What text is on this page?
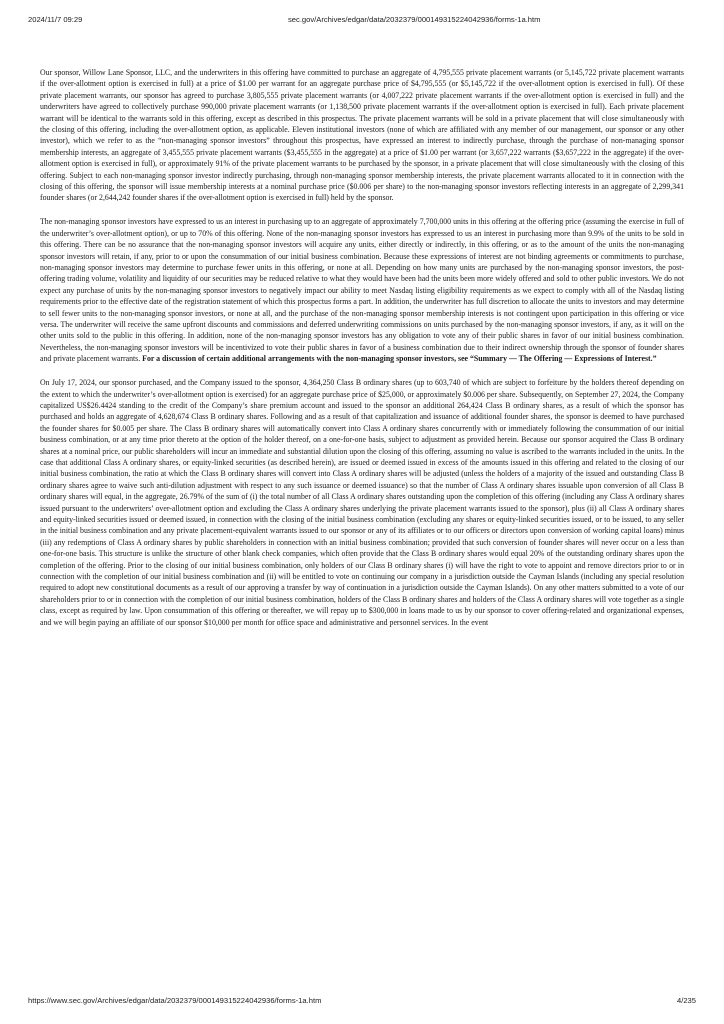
2024/11/7 09:29	sec.gov/Archives/edgar/data/2032379/000149315224042936/forms-1a.htm

Our sponsor, Willow Lane Sponsor, LLC, and the underwriters in this offering have committed to purchase an aggregate of 4,795,555 private placement warrants (or 5,145,722 private placement warrants if the over-allotment option is exercised in full) at a price of $1.00 per warrant for an aggregate purchase price of $4,795,555 (or $5,145,722 if the over-allotment option is exercised in full). Of these private placement warrants, our sponsor has agreed to purchase 3,805,555 private placement warrants (or 4,007,222 private placement warrants if the over-allotment option is exercised in full) and the underwriters have agreed to collectively purchase 990,000 private placement warrants (or 1,138,500 private placement warrants if the over-allotment option is exercised in full). Each private placement warrant will be identical to the warrants sold in this offering, except as described in this prospectus. The private placement warrants will be sold in a private placement that will close simultaneously with the closing of this offering, including the over-allotment option, as applicable. Eleven institutional investors (none of which are affiliated with any member of our management, our sponsor or any other investor), which we refer to as the “non-managing sponsor investors” throughout this prospectus, have expressed an interest to indirectly purchase, through the purchase of non-managing sponsor membership interests, an aggregate of 3,455,555 private placement warrants ($3,455,555 in the aggregate) at a price of $1.00 per warrant (or 3,657,222 warrants ($3,657,222 in the aggregate) if the over-allotment option is exercised in full), or approximately 91% of the private placement warrants to be purchased by the sponsor, in a private placement that will close simultaneously with the closing of this offering. Subject to each non-managing sponsor investor indirectly purchasing, through non-managing sponsor membership interests, the private placement warrants allocated to it in connection with the closing of this offering, the sponsor will issue membership interests at a nominal purchase price ($0.006 per share) to the non-managing sponsor investors reflecting interests in an aggregate of 2,299,341 founder shares (or 2,644,242 founder shares if the over-allotment option is exercised in full) held by the sponsor.

The non-managing sponsor investors have expressed to us an interest in purchasing up to an aggregate of approximately 7,700,000 units in this offering at the offering price (assuming the exercise in full of the underwriter’s over-allotment option), or up to 70% of this offering. None of the non-managing sponsor investors has expressed to us an interest in purchasing more than 9.9% of the units to be sold in this offering. There can be no assurance that the non-managing sponsor investors will acquire any units, either directly or indirectly, in this offering, or as to the amount of the units the non-managing sponsor investors will retain, if any, prior to or upon the consummation of our initial business combination. Because these expressions of interest are not binding agreements or commitments to purchase, non-managing sponsor investors may determine to purchase fewer units in this offering, or none at all. Depending on how many units are purchased by the non-managing sponsor investors, the post-offering trading volume, volatility and liquidity of our securities may be reduced relative to what they would have been had the units been more widely offered and sold to other public investors. We do not expect any purchase of units by the non-managing sponsor investors to negatively impact our ability to meet Nasdaq listing eligibility requirements as we expect to comply with all of the Nasdaq listing requirements prior to the effective date of the registration statement of which this prospectus forms a part. In addition, the underwriter has full discretion to allocate the units to investors and may determine to sell fewer units to the non-managing sponsor investors, or none at all, and the purchase of the non-managing sponsor membership interests is not contingent upon participation in this offering or vice versa. The underwriter will receive the same upfront discounts and commissions and deferred underwriting commissions on units purchased by the non-managing sponsor investors, if any, as it will on the other units sold to the public in this offering. In addition, none of the non-managing sponsor investors has any obligation to vote any of their public shares in favor of our initial business combination. Nevertheless, the non-managing sponsor investors will be incentivized to vote their public shares in favor of a business combination due to their indirect ownership through the sponsor of founder shares and private placement warrants. For a discussion of certain additional arrangements with the non-managing sponsor investors, see “Summary — The Offering — Expressions of Interest.”

On July 17, 2024, our sponsor purchased, and the Company issued to the sponsor, 4,364,250 Class B ordinary shares (up to 603,740 of which are subject to forfeiture by the holders thereof depending on the extent to which the underwriter’s over-allotment option is exercised) for an aggregate purchase price of $25,000, or approximately $0.006 per share. Subsequently, on September 27, 2024, the Company capitalized US$26.4424 standing to the credit of the Company’s share premium account and issued to the sponsor an additional 264,424 Class B ordinary shares, as a result of which the sponsor has purchased and holds an aggregate of 4,628,674 Class B ordinary shares. Following and as a result of that capitalization and issuance of additional founder shares, the sponsor is deemed to have purchased the founder shares for $0.005 per share. The Class B ordinary shares will automatically convert into Class A ordinary shares concurrently with or immediately following the consummation of our initial business combination, or at any time prior thereto at the option of the holder thereof, on a one-for-one basis, subject to adjustment as provided herein. Because our sponsor acquired the Class B ordinary shares at a nominal price, our public shareholders will incur an immediate and substantial dilution upon the closing of this offering, assuming no value is ascribed to the warrants included in the units. In the case that additional Class A ordinary shares, or equity-linked securities (as described herein), are issued or deemed issued in excess of the amounts issued in this offering and related to the closing of our initial business combination, the ratio at which the Class B ordinary shares will convert into Class A ordinary shares will be adjusted (unless the holders of a majority of the issued and outstanding Class B ordinary shares agree to waive such anti-dilution adjustment with respect to any such issuance or deemed issuance) so that the number of Class A ordinary shares issuable upon conversion of all Class B ordinary shares will equal, in the aggregate, 26.79% of the sum of (i) the total number of all Class A ordinary shares outstanding upon the completion of this offering (including any Class A ordinary shares issued pursuant to the underwriters’ over-allotment option and excluding the Class A ordinary shares underlying the private placement warrants issued to the sponsor), plus (ii) all Class A ordinary shares and equity-linked securities issued or deemed issued, in connection with the closing of the initial business combination (excluding any shares or equity-linked securities issued, or to be issued, to any seller in the initial business combination and any private placement-equivalent warrants issued to our sponsor or any of its affiliates or to our officers or directors upon conversion of working capital loans) minus (iii) any redemptions of Class A ordinary shares by public shareholders in connection with an initial business combination; provided that such conversion of founder shares will never occur on a less than one-for-one basis. This structure is unlike the structure of other blank check companies, which often provide that the Class B ordinary shares would equal 20% of the outstanding ordinary shares upon the completion of the offering. Prior to the closing of our initial business combination, only holders of our Class B ordinary shares (i) will have the right to vote to appoint and remove directors prior to or in connection with the completion of our initial business combination and (ii) will be entitled to vote on continuing our company in a jurisdiction outside the Cayman Islands (including any special resolution required to adopt new constitutional documents as a result of our approving a transfer by way of continuation in a jurisdiction outside the Cayman Islands). On any other matters submitted to a vote of our shareholders prior to or in connection with the completion of our initial business combination, holders of the Class B ordinary shares and holders of the Class A ordinary shares will vote together as a single class, except as required by law. Upon consummation of this offering or thereafter, we will repay up to $300,000 in loans made to us by our sponsor to cover offering-related and organizational expenses, and we will begin paying an affiliate of our sponsor $10,000 per month for office space and administrative and personnel services. In the event

https://www.sec.gov/Archives/edgar/data/2032379/000149315224042936/forms-1a.htm	4/235
